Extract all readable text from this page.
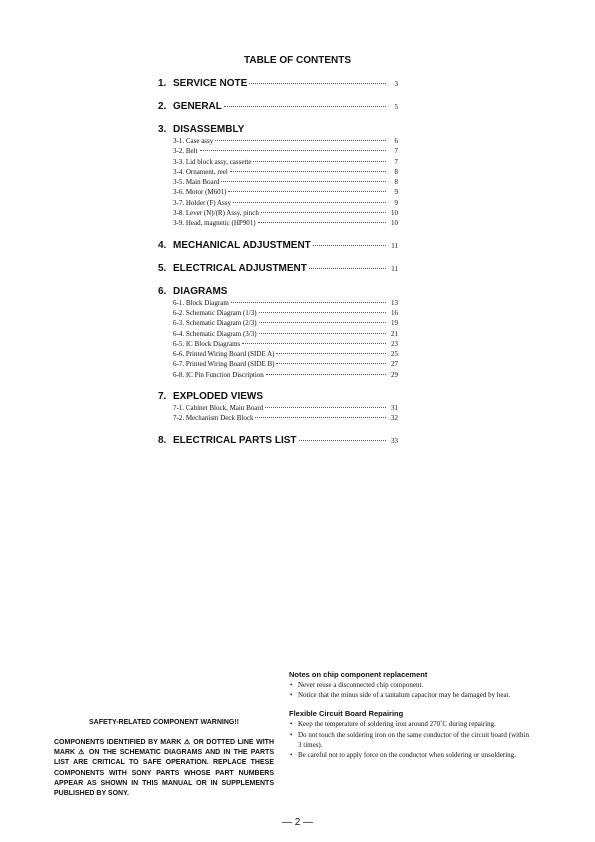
TABLE OF CONTENTS
1. SERVICE NOTE	3
2. GENERAL	5
3. DISASSEMBLY
3-1. Case assy	6
3-2. Belt	7
3-3. Lid block assy, cassette	7
3-4. Ornament, reel	8
3-5. Main Board	8
3-6. Motor (M601)	9
3-7. Holder (F) Assy	9
3-8. Lever (N)/(R) Assy, pinch	10
3-9. Head, magnetic (HP901)	10
4. MECHANICAL ADJUSTMENT	11
5. ELECTRICAL ADJUSTMENT	11
6. DIAGRAMS
6-1. Block Diagram	13
6-2. Schematic Diagram (1/3)	16
6-3. Schematic Diagram (2/3)	19
6-4. Schematic Diagram (3/3)	21
6-5. IC Block Diagrams	23
6-6. Printed Wiring Board (SIDE A)	25
6-7. Printed Wiring Board (SIDE B)	27
6-8. IC Pin Function Discription	29
7. EXPLODED VIEWS
7-1. Cabinet Block, Main Board	31
7-2. Mechanism Deck Block	32
8. ELECTRICAL PARTS LIST	33
SAFETY-RELATED COMPONENT WARNING!!
COMPONENTS IDENTIFIED BY MARK ⚠ OR DOTTED LINE WITH MARK ⚠ ON THE SCHEMATIC DIAGRAMS AND IN THE PARTS LIST ARE CRITICAL TO SAFE OPERATION. REPLACE THESE COMPONENTS WITH SONY PARTS WHOSE PART NUMBERS APPEAR AS SHOWN IN THIS MANUAL OR IN SUPPLEMENTS PUBLISHED BY SONY.
Notes on chip component replacement
• Never reuse a disconnected chip component.
• Notice that the minus side of a tantalum capacitor may be damaged by heat.
Flexible Circuit Board Repairing
• Keep the temperature of soldering iron around 270˚C during repairing.
• Do not touch the soldering iron on the same conductor of the circuit board (within 3 times).
• Be careful not to apply force on the conductor when soldering or unsoldering.
— 2 —
